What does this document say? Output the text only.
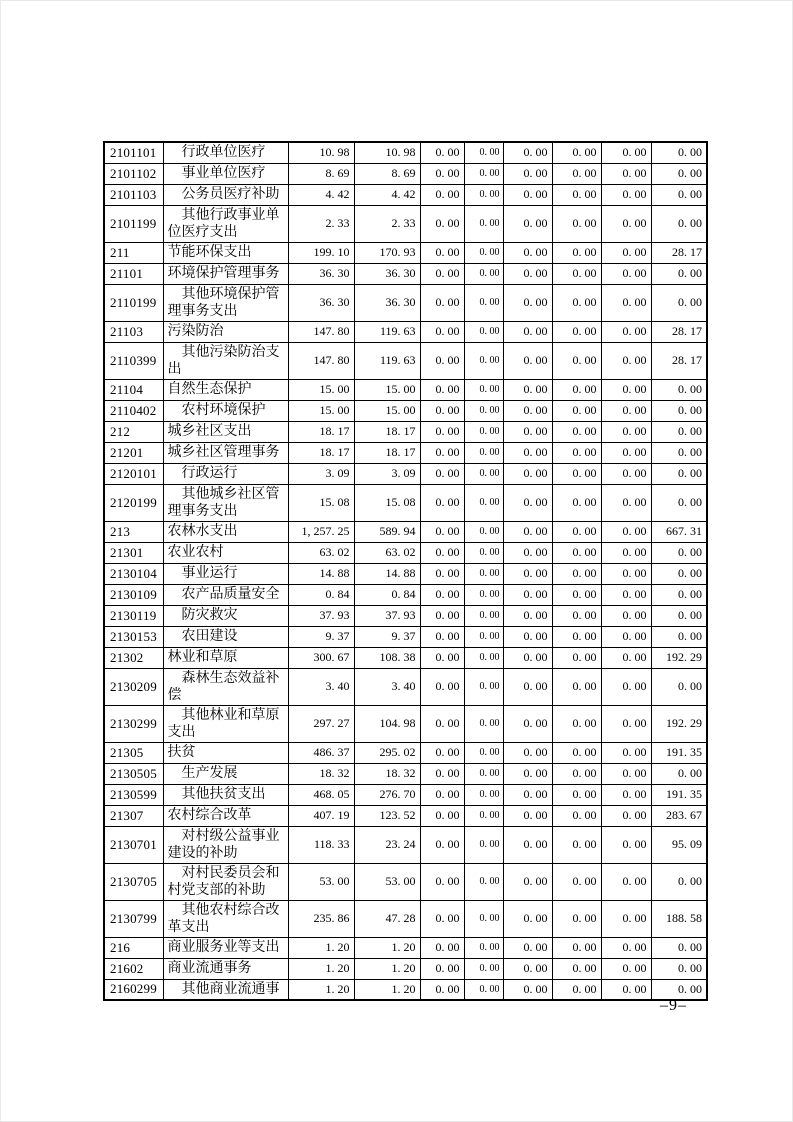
2101101	行政单位医疗	10. 98	10. 98	0. 00	0. 00	0. 00	0. 00	0. 00	0. 00
2101102	事业单位医疗	8. 69	8. 69	0. 00	0. 00	0. 00	0. 00	0. 00	0. 00
2101103	公务员医疗补助	4. 42	4. 42	0. 00	0. 00	0. 00	0. 00	0. 00	0. 00
2101199	其他行政事业单位医疗支出	2. 33	2. 33	0. 00	0. 00	0. 00	0. 00	0. 00	0. 00
211	节能环保支出	199. 10	170. 93	0. 00	0. 00	0. 00	0. 00	0. 00	28. 17
21101	环境保护管理事务	36. 30	36. 30	0. 00	0. 00	0. 00	0. 00	0. 00	0. 00
2110199	其他环境保护管理事务支出	36. 30	36. 30	0. 00	0. 00	0. 00	0. 00	0. 00	0. 00
21103	污染防治	147. 80	119. 63	0. 00	0. 00	0. 00	0. 00	0. 00	28. 17
2110399	其他污染防治支出	147. 80	119. 63	0. 00	0. 00	0. 00	0. 00	0. 00	28. 17
21104	自然生态保护	15. 00	15. 00	0. 00	0. 00	0. 00	0. 00	0. 00	0. 00
2110402	农村环境保护	15. 00	15. 00	0. 00	0. 00	0. 00	0. 00	0. 00	0. 00
212	城乡社区支出	18. 17	18. 17	0. 00	0. 00	0. 00	0. 00	0. 00	0. 00
21201	城乡社区管理事务	18. 17	18. 17	0. 00	0. 00	0. 00	0. 00	0. 00	0. 00
2120101	行政运行	3. 09	3. 09	0. 00	0. 00	0. 00	0. 00	0. 00	0. 00
2120199	其他城乡社区管理事务支出	15. 08	15. 08	0. 00	0. 00	0. 00	0. 00	0. 00	0. 00
213	农林水支出	1, 257. 25	589. 94	0. 00	0. 00	0. 00	0. 00	0. 00	667. 31
21301	农业农村	63. 02	63. 02	0. 00	0. 00	0. 00	0. 00	0. 00	0. 00
2130104	事业运行	14. 88	14. 88	0. 00	0. 00	0. 00	0. 00	0. 00	0. 00
2130109	农产品质量安全	0. 84	0. 84	0. 00	0. 00	0. 00	0. 00	0. 00	0. 00
2130119	防灾救灾	37. 93	37. 93	0. 00	0. 00	0. 00	0. 00	0. 00	0. 00
2130153	农田建设	9. 37	9. 37	0. 00	0. 00	0. 00	0. 00	0. 00	0. 00
21302	林业和草原	300. 67	108. 38	0. 00	0. 00	0. 00	0. 00	0. 00	192. 29
2130209	森林生态效益补偿	3. 40	3. 40	0. 00	0. 00	0. 00	0. 00	0. 00	0. 00
2130299	其他林业和草原支出	297. 27	104. 98	0. 00	0. 00	0. 00	0. 00	0. 00	192. 29
21305	扶贫	486. 37	295. 02	0. 00	0. 00	0. 00	0. 00	0. 00	191. 35
2130505	生产发展	18. 32	18. 32	0. 00	0. 00	0. 00	0. 00	0. 00	0. 00
2130599	其他扶贫支出	468. 05	276. 70	0. 00	0. 00	0. 00	0. 00	0. 00	191. 35
21307	农村综合改革	407. 19	123. 52	0. 00	0. 00	0. 00	0. 00	0. 00	283. 67
2130701	对村级公益事业建设的补助	118. 33	23. 24	0. 00	0. 00	0. 00	0. 00	0. 00	95. 09
2130705	对村民委员会和村党支部的补助	53. 00	53. 00	0. 00	0. 00	0. 00	0. 00	0. 00	0. 00
2130799	其他农村综合改革支出	235. 86	47. 28	0. 00	0. 00	0. 00	0. 00	0. 00	188. 58
216	商业服务业等支出	1. 20	1. 20	0. 00	0. 00	0. 00	0. 00	0. 00	0. 00
21602	商业流通事务	1. 20	1. 20	0. 00	0. 00	0. 00	0. 00	0. 00	0. 00
2160299	其他商业流通事	1. 20	1. 20	0. 00	0. 00	0. 00	0. 00	0. 00	0. 00
–9–
